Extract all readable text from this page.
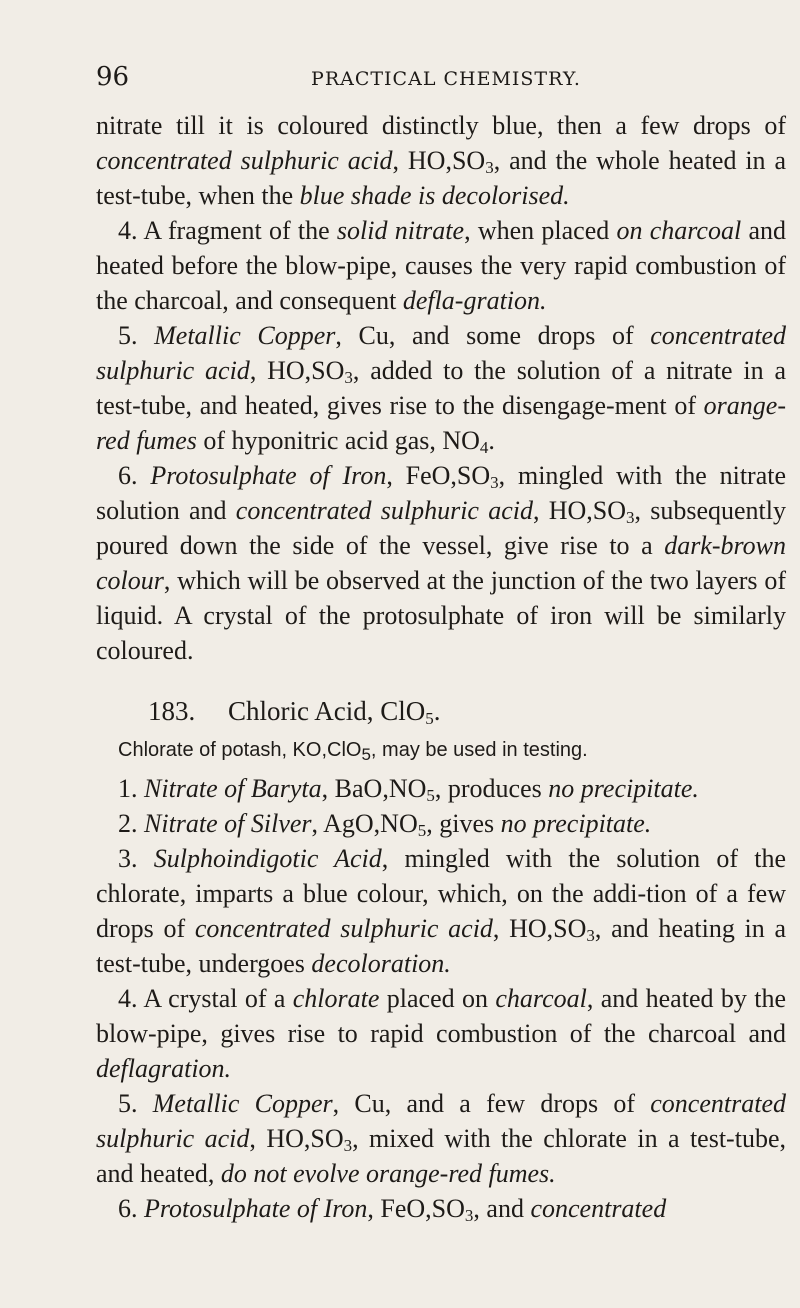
96	PRACTICAL CHEMISTRY.

nitrate till it is coloured distinctly blue, then a few drops of concentrated sulphuric acid, $HO,SO_3$, and the whole heated in a test-tube, when the blue shade is decolorised.

4. A fragment of the solid nitrate, when placed on charcoal and heated before the blow-pipe, causes the very rapid combustion of the charcoal, and consequent defla-gration.

5. Metallic Copper, Cu, and some drops of concentrated sulphuric acid, $HO,SO_3$, added to the solution of a nitrate in a test-tube, and heated, gives rise to the disengage-ment of orange-red fumes of hyponitric acid gas, $NO_4$.

6. Protosulphate of Iron, $FeO,SO_3$, mingled with the nitrate solution and concentrated sulphuric acid, $HO,SO_3$, subsequently poured down the side of the vessel, give rise to a dark-brown colour, which will be observed at the junction of the two layers of liquid. A crystal of the protosulphate of iron will be similarly coloured.

183. Chloric Acid, ClO$_5$.

Chlorate of potash, KO,ClO$_5$, may be used in testing.

1. Nitrate of Baryta, $BaO,NO_5$, produces no precipitate.

2. Nitrate of Silver, $AgO,NO_5$, gives no precipitate.

3. Sulphoindigotic Acid, mingled with the solution of the chlorate, imparts a blue colour, which, on the addi-tion of a few drops of concentrated sulphuric acid, $HO,SO_3$, and heating in a test-tube, undergoes decoloration.

4. A crystal of a chlorate placed on charcoal, and heated by the blow-pipe, gives rise to rapid combustion of the charcoal and deflagration.

5. Metallic Copper, Cu, and a few drops of concentrated sulphuric acid, $HO,SO_3$, mixed with the chlorate in a test-tube, and heated, do not evolve orange-red fumes.

6. Protosulphate of Iron, $FeO,SO_3$, and concentrated
